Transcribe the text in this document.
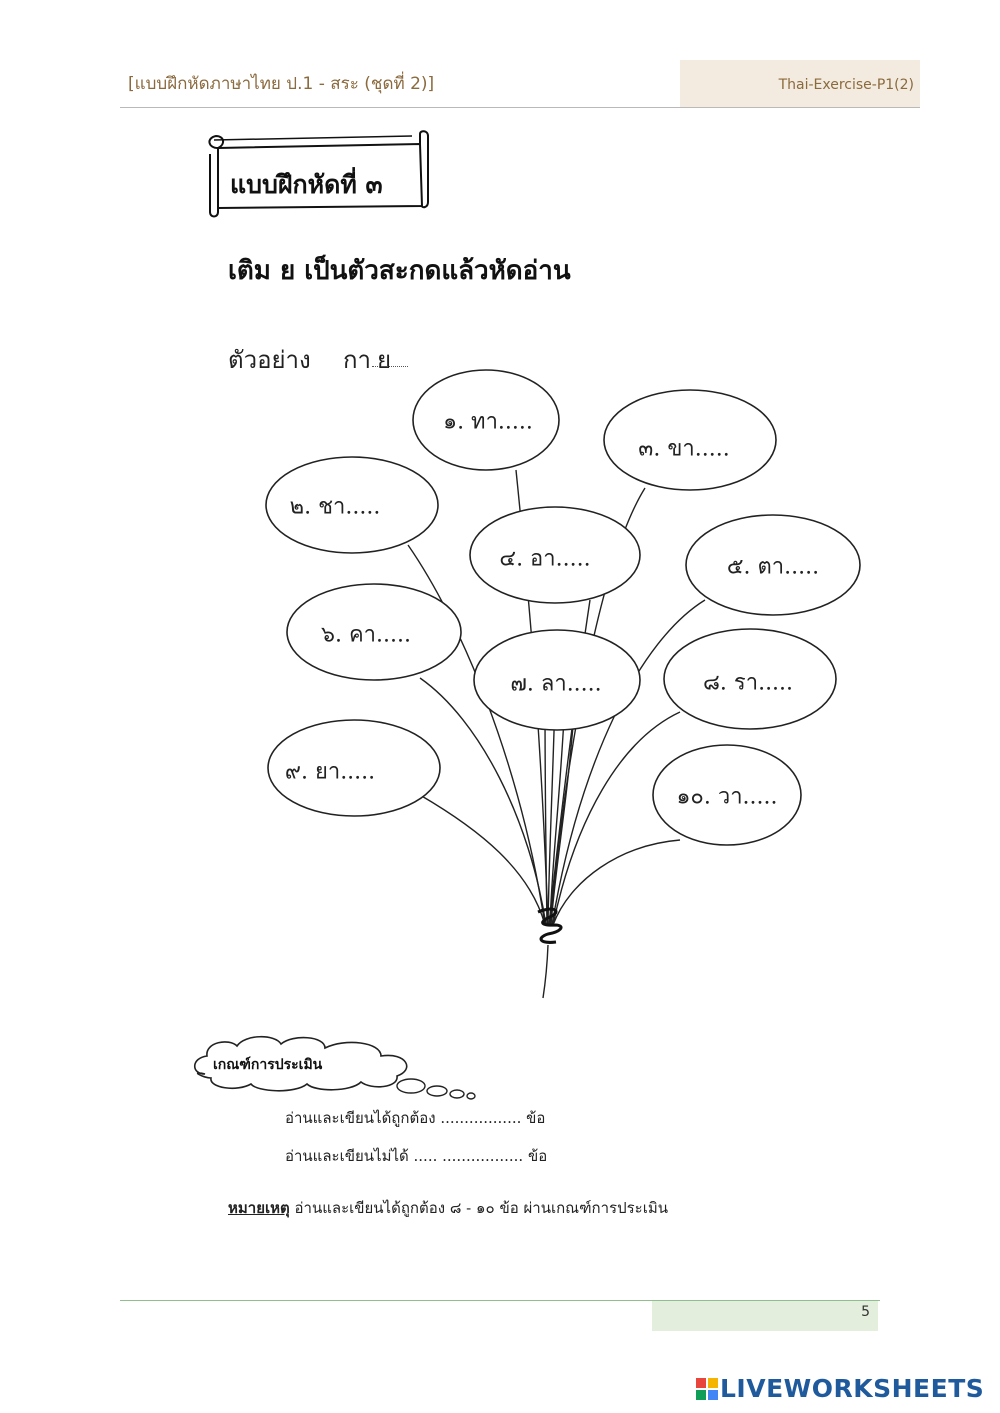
[แบบฝึกหัดภาษาไทย ป.1 - สระ (ชุดที่ 2)]	Thai-Exercise-P1(2)
แบบฝึกหัดที่ ๓
เติม ย เป็นตัวสะกดแล้วหัดอ่าน
ตัวอย่าง กา ย
๑. ทา.....
๒. ชา.....
๓. ขา.....
๔. อา.....	๕. ตา.....
๖. คา.....
๗. ลา.....	๘. รา.....
๙. ยา.....
๑๐. วา.....
เกณฑ์การประเมิน
อ่านและเขียนได้ถูกต้อง ................. ข้อ
อ่านและเขียนไม่ได้ ..... ................. ข้อ
หมายเหตุ อ่านและเขียนได้ถูกต้อง ๘ - ๑๐ ข้อ ผ่านเกณฑ์การประเมิน
5
LIVEWORKSHEETS
